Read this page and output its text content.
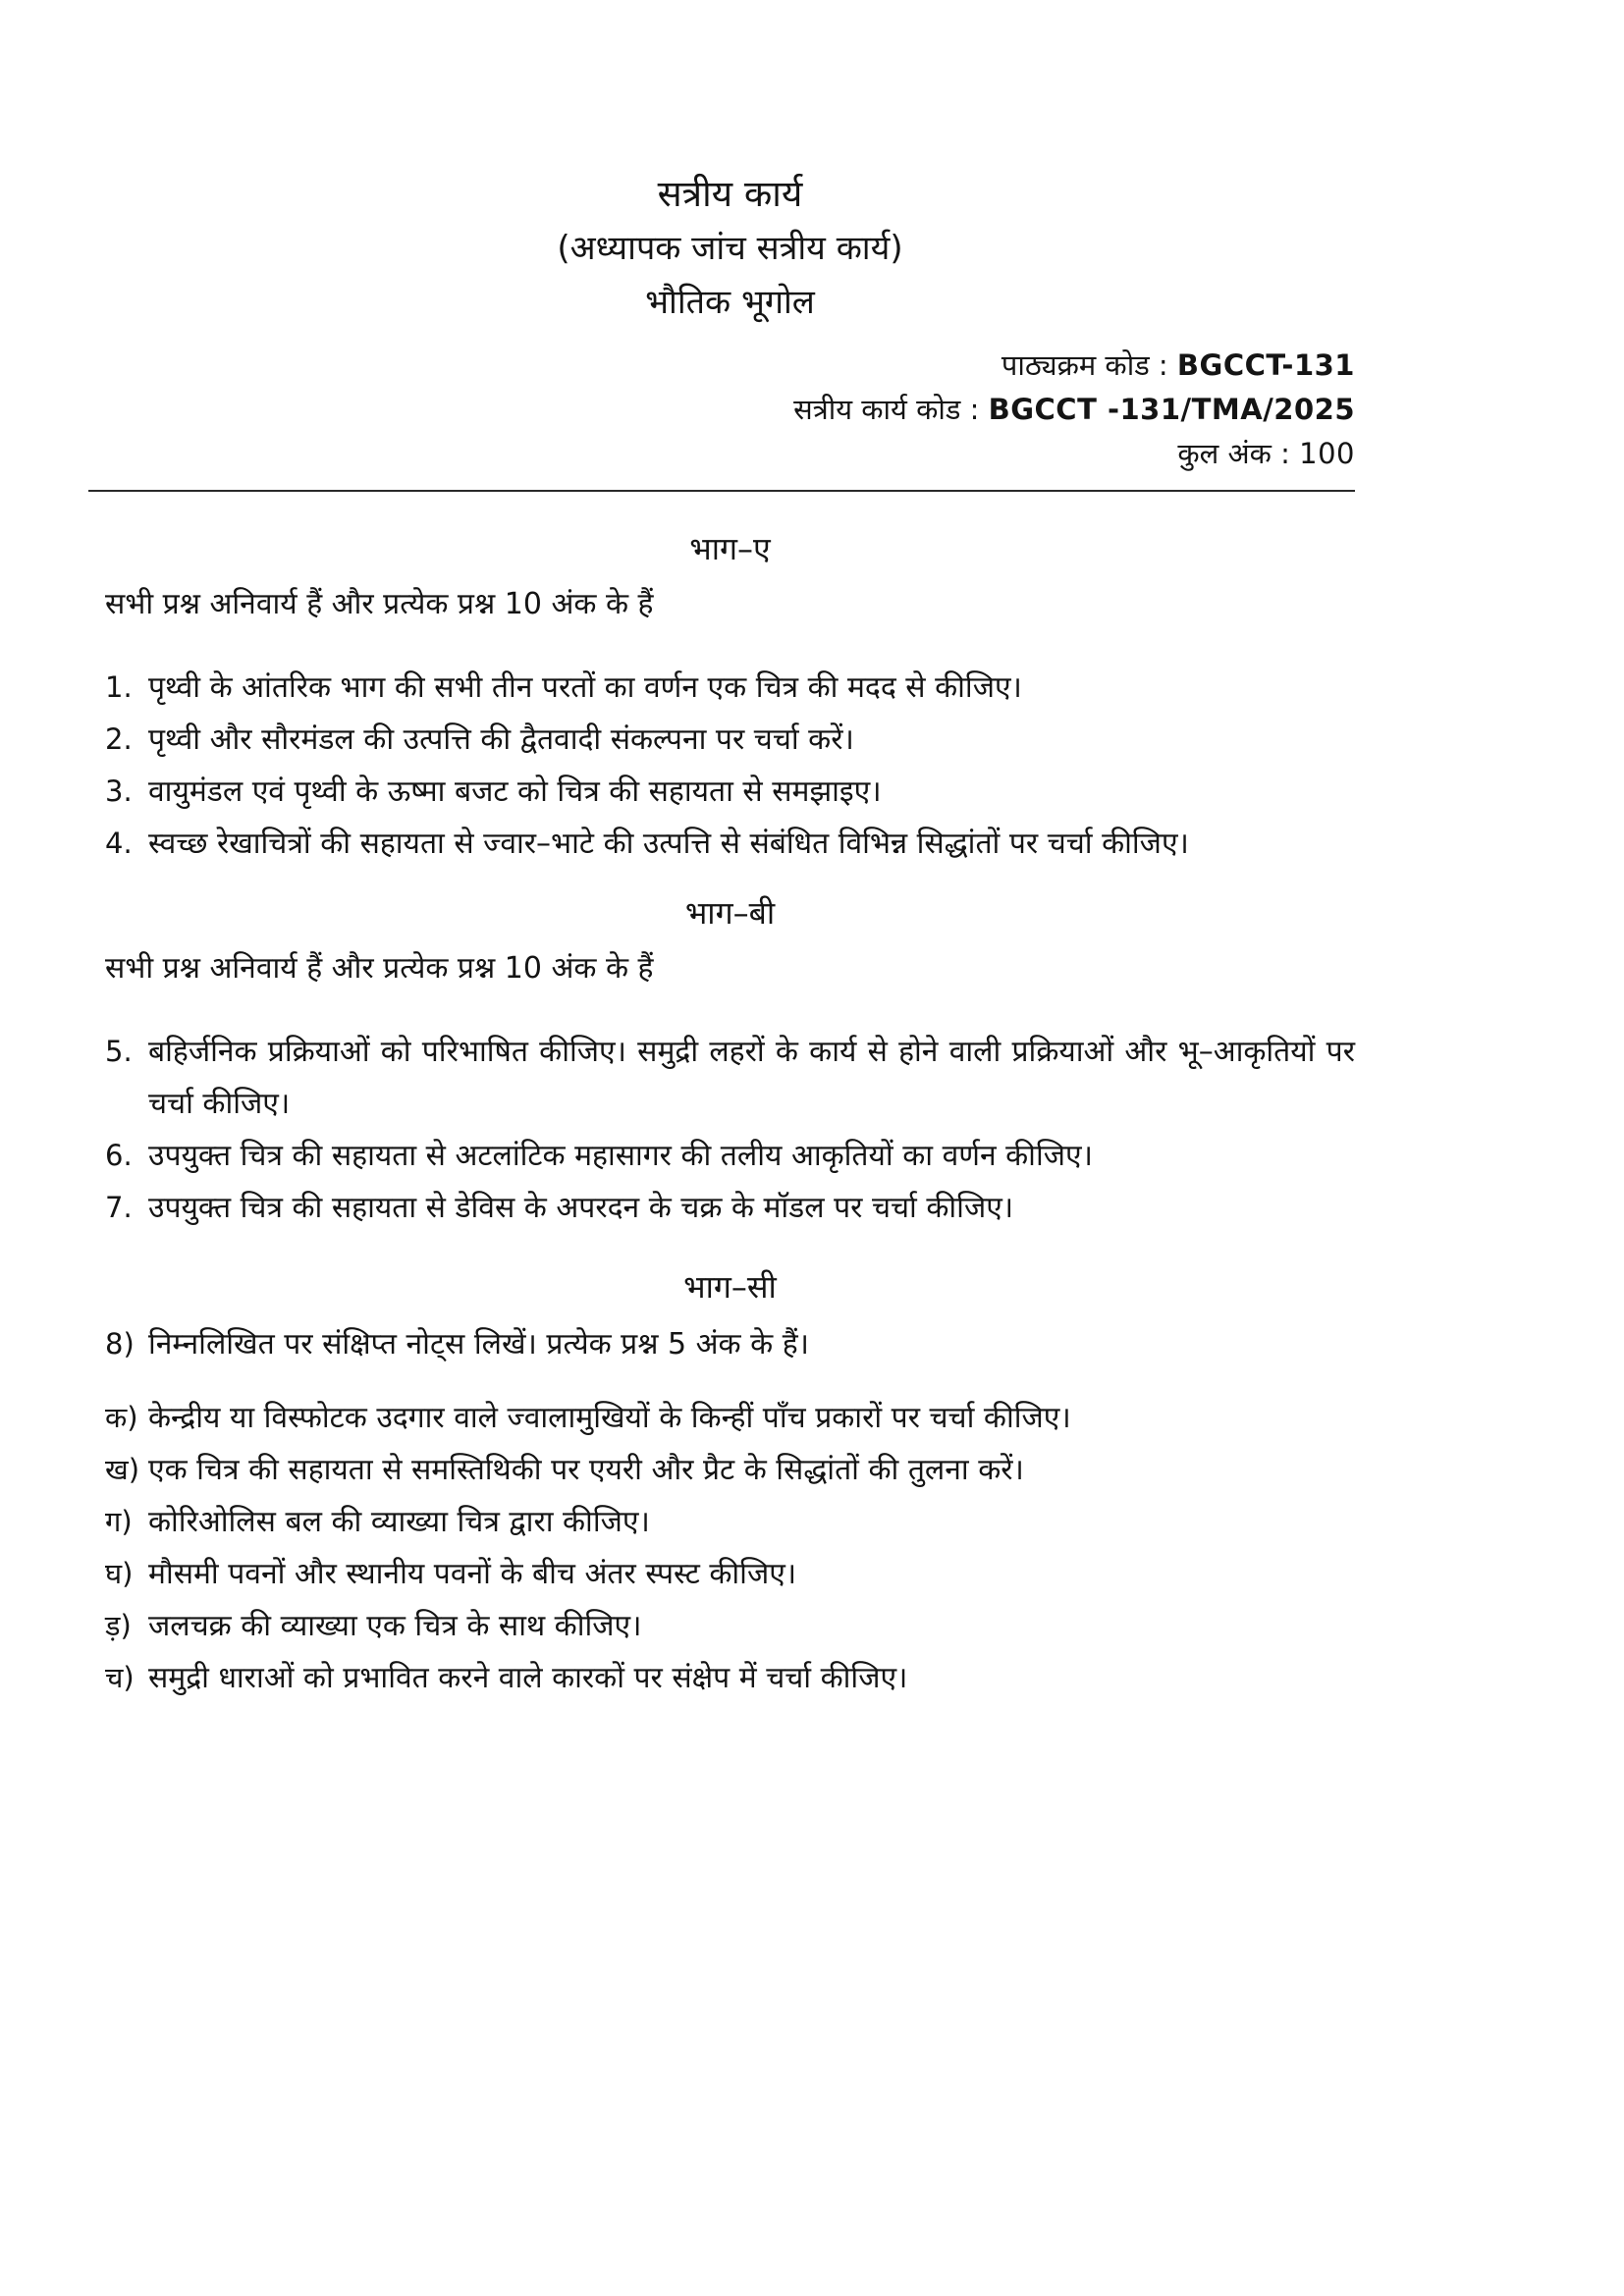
सत्रीय कार्य
(अध्यापक जांच सत्रीय कार्य)
भौतिक भूगोल
पाठ्यक्रम कोड : BGCCT-131
सत्रीय कार्य कोड : BGCCT -131/TMA/2025
कुल अंक : 100
भाग–ए
सभी प्रश्न अनिवार्य हैं और प्रत्येक प्रश्न 10 अंक के हैं
1. पृथ्वी के आंतरिक भाग की सभी तीन परतों का वर्णन एक चित्र की मदद से कीजिए।
2. पृथ्वी और सौरमंडल की उत्पत्ति की द्वैतवादी संकल्पना पर चर्चा करें।
3. वायुमंडल एवं पृथ्वी के ऊष्मा बजट को चित्र की सहायता से समझाइए।
4. स्वच्छ रेखाचित्रों की सहायता से ज्वार–भाटे की उत्पत्ति से संबंधित विभिन्न सिद्धांतों पर चर्चा कीजिए।
भाग–बी
सभी प्रश्न अनिवार्य हैं और प्रत्येक प्रश्न 10 अंक के हैं
5. बहिर्जनिक प्रक्रियाओं को परिभाषित कीजिए। समुद्री लहरों के कार्य से होने वाली प्रक्रियाओं और भू–आकृतियों पर चर्चा कीजिए।
6. उपयुक्त चित्र की सहायता से अटलांटिक महासागर की तलीय आकृतियों का वर्णन कीजिए।
7. उपयुक्त चित्र की सहायता से डेविस के अपरदन के चक्र के मॉडल पर चर्चा कीजिए।
भाग–सी
8) निम्नलिखित पर संक्षिप्त नोट्स लिखें। प्रत्येक प्रश्न 5 अंक के हैं।
क) केन्द्रीय या विस्फोटक उदगार वाले ज्वालामुखियों के किन्हीं पाँच प्रकारों पर चर्चा कीजिए।
ख) एक चित्र की सहायता से समस्तिथिकी पर एयरी और प्रैट के सिद्धांतों की तुलना करें।
ग) कोरिओलिस बल की व्याख्या चित्र द्वारा कीजिए।
घ) मौसमी पवनों और स्थानीय पवनों के बीच अंतर स्पस्ट कीजिए।
ड़) जलचक्र की व्याख्या एक चित्र के साथ कीजिए।
च) समुद्री धाराओं को प्रभावित करने वाले कारकों पर संक्षेप में चर्चा कीजिए।
